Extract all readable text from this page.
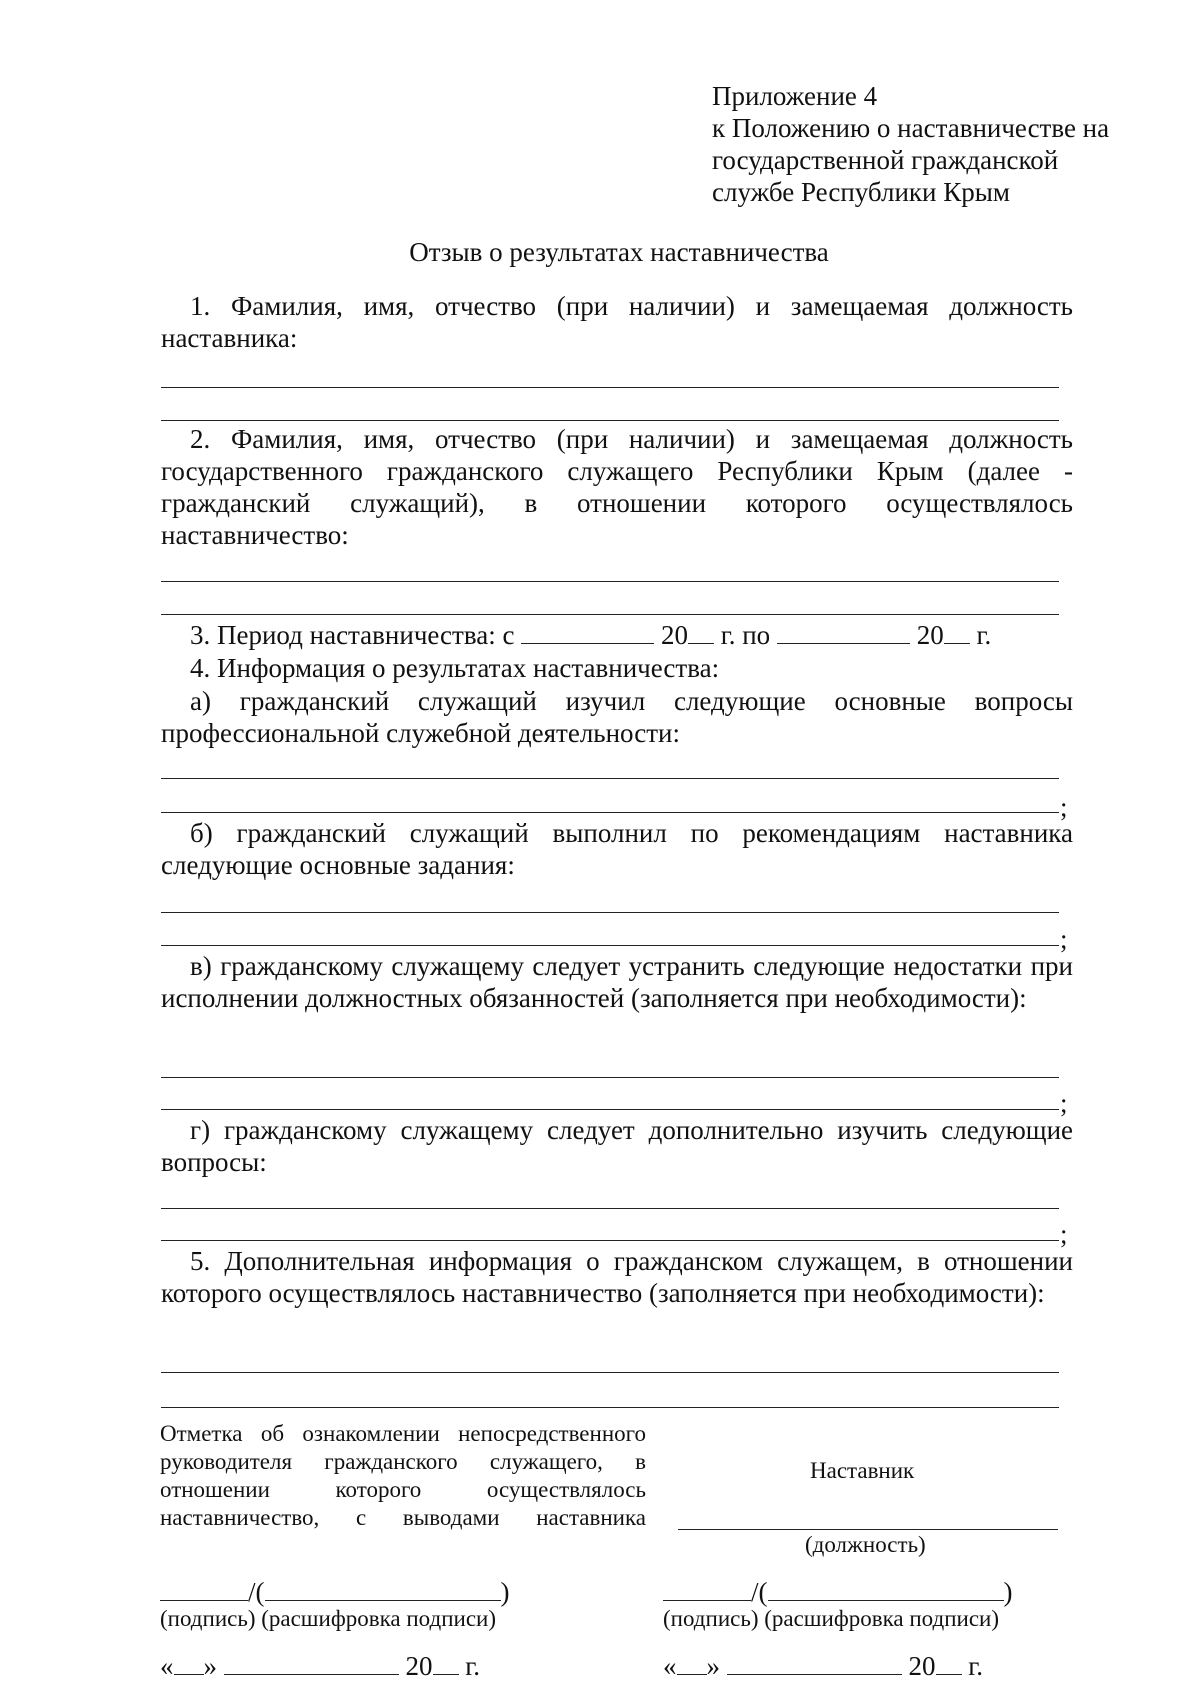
Приложение 4
к Положению о наставничестве на
государственной гражданской
службе Республики Крым
Отзыв о результатах наставничества
1. Фамилия, имя, отчество (при наличии) и замещаемая должность наставника:
2. Фамилия, имя, отчество (при наличии) и замещаемая должность государственного гражданского служащего Республики Крым (далее - гражданский служащий), в отношении которого осуществлялось наставничество:
3. Период наставничества: с	20 г. по	20 г.
4. Информация о результатах наставничества:
а) гражданский служащий изучил следующие основные вопросы профессиональной служебной деятельности:
;
б) гражданский служащий выполнил по рекомендациям наставника следующие основные задания:
;
в) гражданскому служащему следует устранить следующие недостатки при исполнении должностных обязанностей (заполняется при необходимости):
;
г) гражданскому служащему следует дополнительно изучить следующие вопросы:
;
5. Дополнительная информация о гражданском служащем, в отношении которого осуществлялось наставничество (заполняется при необходимости):
Отметка об ознакомлении непосредственного руководителя гражданского служащего, в отношении которого осуществлялось наставничество, с выводами наставника
Наставник
(должность)
/(	)
(подпись) (расшифровка подписи)
/(	)
(подпись) (расшифровка подписи)
« »	20 г.	« »	20 г.
